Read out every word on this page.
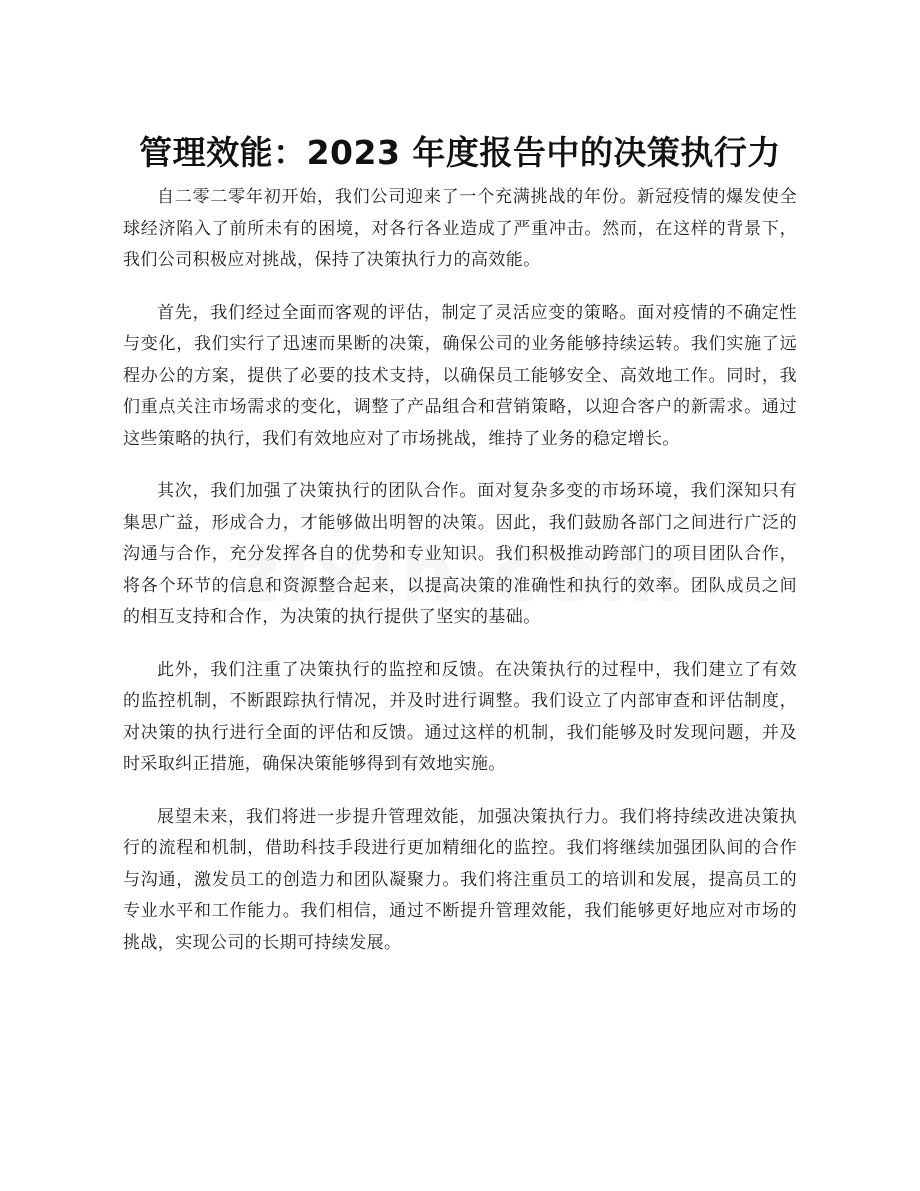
管理效能：2023 年度报告中的决策执行力

自二零二零年初开始，我们公司迎来了一个充满挑战的年份。新冠疫情的爆发使全球经济陷入了前所未有的困境，对各行各业造成了严重冲击。然而，在这样的背景下，我们公司积极应对挑战，保持了决策执行力的高效能。

首先，我们经过全面而客观的评估，制定了灵活应变的策略。面对疫情的不确定性与变化，我们实行了迅速而果断的决策，确保公司的业务能够持续运转。我们实施了远程办公的方案，提供了必要的技术支持，以确保员工能够安全、高效地工作。同时，我们重点关注市场需求的变化，调整了产品组合和营销策略，以迎合客户的新需求。通过这些策略的执行，我们有效地应对了市场挑战，维持了业务的稳定增长。

其次，我们加强了决策执行的团队合作。面对复杂多变的市场环境，我们深知只有集思广益，形成合力，才能够做出明智的决策。因此，我们鼓励各部门之间进行广泛的沟通与合作，充分发挥各自的优势和专业知识。我们积极推动跨部门的项目团队合作，将各个环节的信息和资源整合起来，以提高决策的准确性和执行的效率。团队成员之间的相互支持和合作，为决策的执行提供了坚实的基础。

此外，我们注重了决策执行的监控和反馈。在决策执行的过程中，我们建立了有效的监控机制，不断跟踪执行情况，并及时进行调整。我们设立了内部审查和评估制度，对决策的执行进行全面的评估和反馈。通过这样的机制，我们能够及时发现问题，并及时采取纠正措施，确保决策能够得到有效地实施。

展望未来，我们将进一步提升管理效能，加强决策执行力。我们将持续改进决策执行的流程和机制，借助科技手段进行更加精细化的监控。我们将继续加强团队间的合作与沟通，激发员工的创造力和团队凝聚力。我们将注重员工的培训和发展，提高员工的专业水平和工作能力。我们相信，通过不断提升管理效能，我们能够更好地应对市场的挑战，实现公司的长期可持续发展。
